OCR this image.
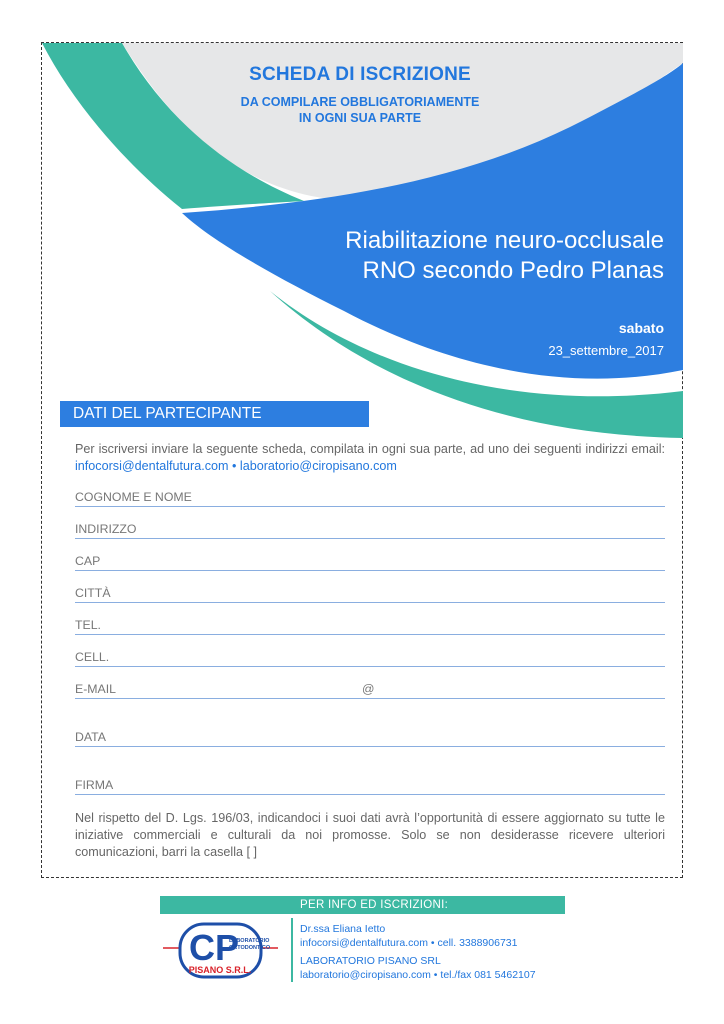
SCHEDA DI ISCRIZIONE
DA COMPILARE OBBLIGATORIAMENTE
IN OGNI SUA PARTE
Riabilitazione neuro-occlusale
RNO secondo Pedro Planas
sabato
23_settembre_2017
DATI DEL PARTECIPANTE
Per iscriversi inviare la seguente scheda, compilata in ogni sua parte, ad uno dei seguenti indirizzi email: infocorsi@dentalfutura.com • laboratorio@ciropisano.com
COGNOME E NOME
INDIRIZZO
CAP
CITTÀ
TEL.
CELL.
E-MAIL	@
DATA
FIRMA
Nel rispetto del D. Lgs. 196/03, indicandoci i suoi dati avrà l’opportunità di essere aggiornato su tutte le iniziative commerciali e culturali da noi promosse. Solo se non desiderasse ricevere ulteriori comunicazioni, barri la casella [ ]
PER INFO ED ISCRIZIONI:
CP
LABORATORIO
ORTODONTICO
PISANO S.R.L.
Dr.ssa Eliana Ietto
infocorsi@dentalfutura.com • cell. 3388906731
LABORATORIO PISANO SRL
laboratorio@ciropisano.com • tel./fax 081 5462107
